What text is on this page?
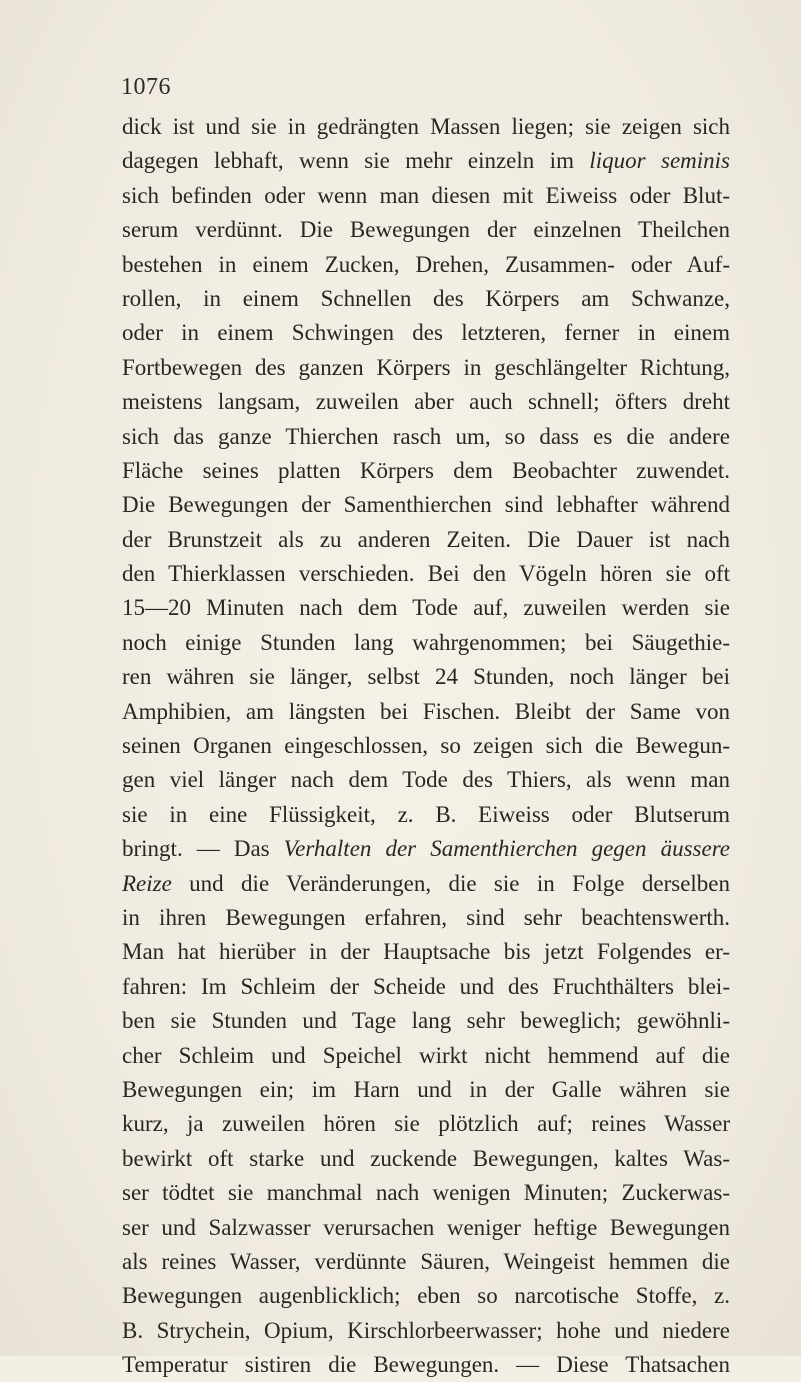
1076
dick ist und sie in gedrängten Massen liegen; sie zeigen sich
dagegen lebhaft, wenn sie mehr einzeln im liquor seminis
sich befinden oder wenn man diesen mit Eiweiss oder Blut-
serum verdünnt. Die Bewegungen der einzelnen Theilchen
bestehen in einem Zucken, Drehen, Zusammen- oder Auf-
rollen, in einem Schnellen des Körpers am Schwanze,
oder in einem Schwingen des letzteren, ferner in einem
Fortbewegen des ganzen Körpers in geschlängelter Richtung,
meistens langsam, zuweilen aber auch schnell; öfters dreht
sich das ganze Thierchen rasch um, so dass es die andere
Fläche seines platten Körpers dem Beobachter zuwendet.
Die Bewegungen der Samenthierchen sind lebhafter während
der Brunstzeit als zu anderen Zeiten. Die Dauer ist nach
den Thierklassen verschieden. Bei den Vögeln hören sie oft
15—20 Minuten nach dem Tode auf, zuweilen werden sie
noch einige Stunden lang wahrgenommen; bei Säugethie-
ren währen sie länger, selbst 24 Stunden, noch länger bei
Amphibien, am längsten bei Fischen. Bleibt der Same von
seinen Organen eingeschlossen, so zeigen sich die Bewegun-
gen viel länger nach dem Tode des Thiers, als wenn man
sie in eine Flüssigkeit, z. B. Eiweiss oder Blutserum
bringt. — Das Verhalten der Samenthierchen gegen äussere
Reize und die Veränderungen, die sie in Folge derselben
in ihren Bewegungen erfahren, sind sehr beachtenswerth.
Man hat hierüber in der Hauptsache bis jetzt Folgendes er-
fahren: Im Schleim der Scheide und des Fruchthälters blei-
ben sie Stunden und Tage lang sehr beweglich; gewöhnli-
cher Schleim und Speichel wirkt nicht hemmend auf die
Bewegungen ein; im Harn und in der Galle währen sie
kurz, ja zuweilen hören sie plötzlich auf; reines Wasser
bewirkt oft starke und zuckende Bewegungen, kaltes Was-
ser tödtet sie manchmal nach wenigen Minuten; Zuckerwas-
ser und Salzwasser verursachen weniger heftige Bewegungen
als reines Wasser, verdünnte Säuren, Weingeist hemmen die
Bewegungen augenblicklich; eben so narcotische Stoffe, z.
B. Strychein, Opium, Kirschlorbeerwasser; hohe und niedere
Temperatur sistiren die Bewegungen. — Diese Thatsachen
